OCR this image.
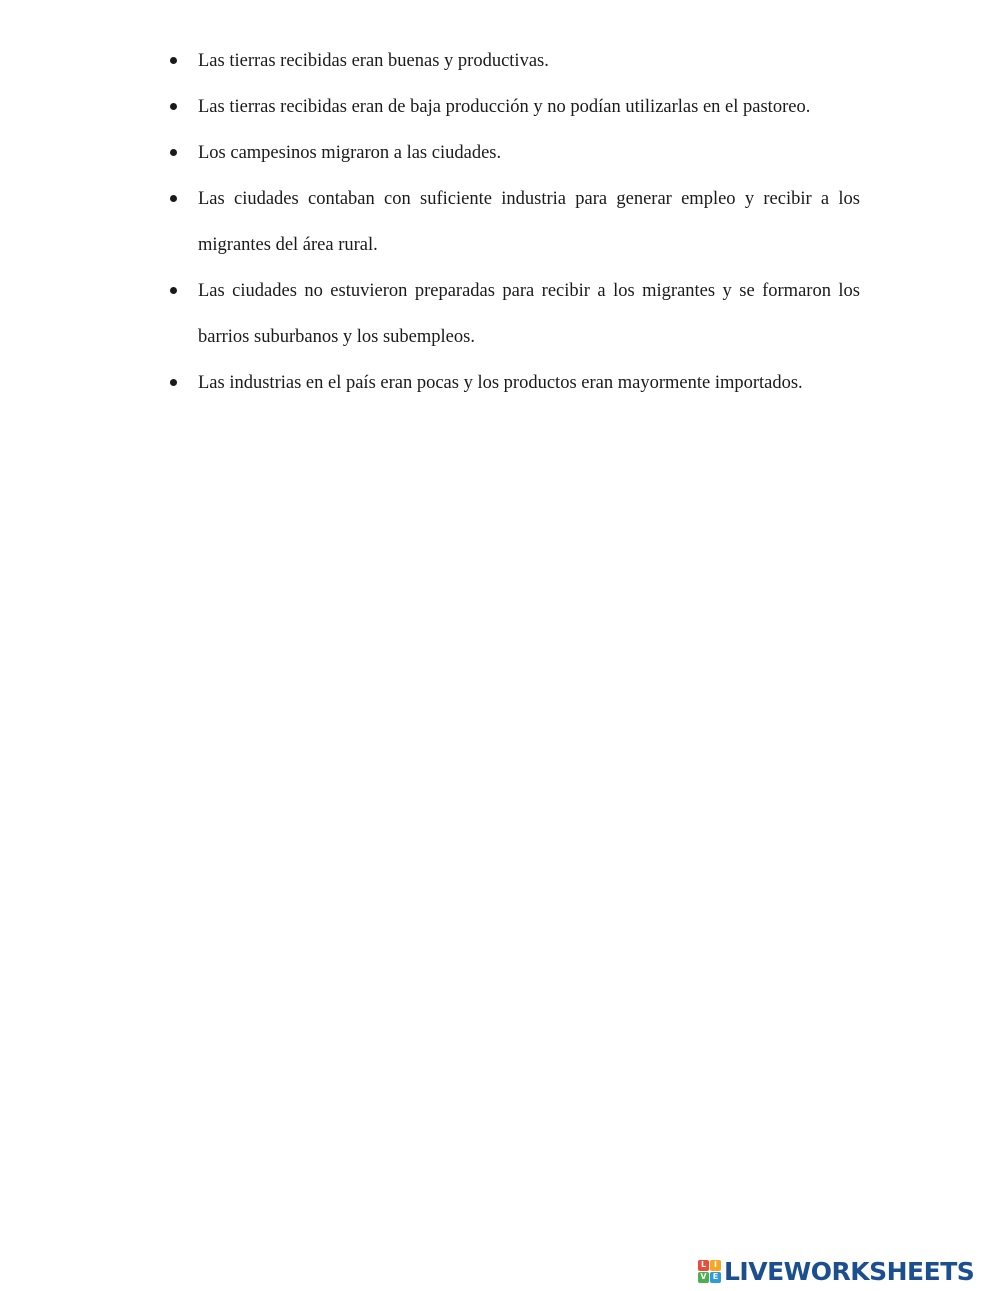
Las tierras recibidas eran buenas y productivas.
Las tierras recibidas eran de baja producción y no podían utilizarlas en el pastoreo.
Los campesinos migraron a las ciudades.
Las ciudades contaban con suficiente industria para generar empleo y recibir a los migrantes del área rural.
Las ciudades no estuvieron preparadas para recibir a los migrantes y se formaron los barrios suburbanos y los subempleos.
Las industrias en el país eran pocas y los productos eran mayormente importados.
L I
V E LIVEWORKSHEETS
